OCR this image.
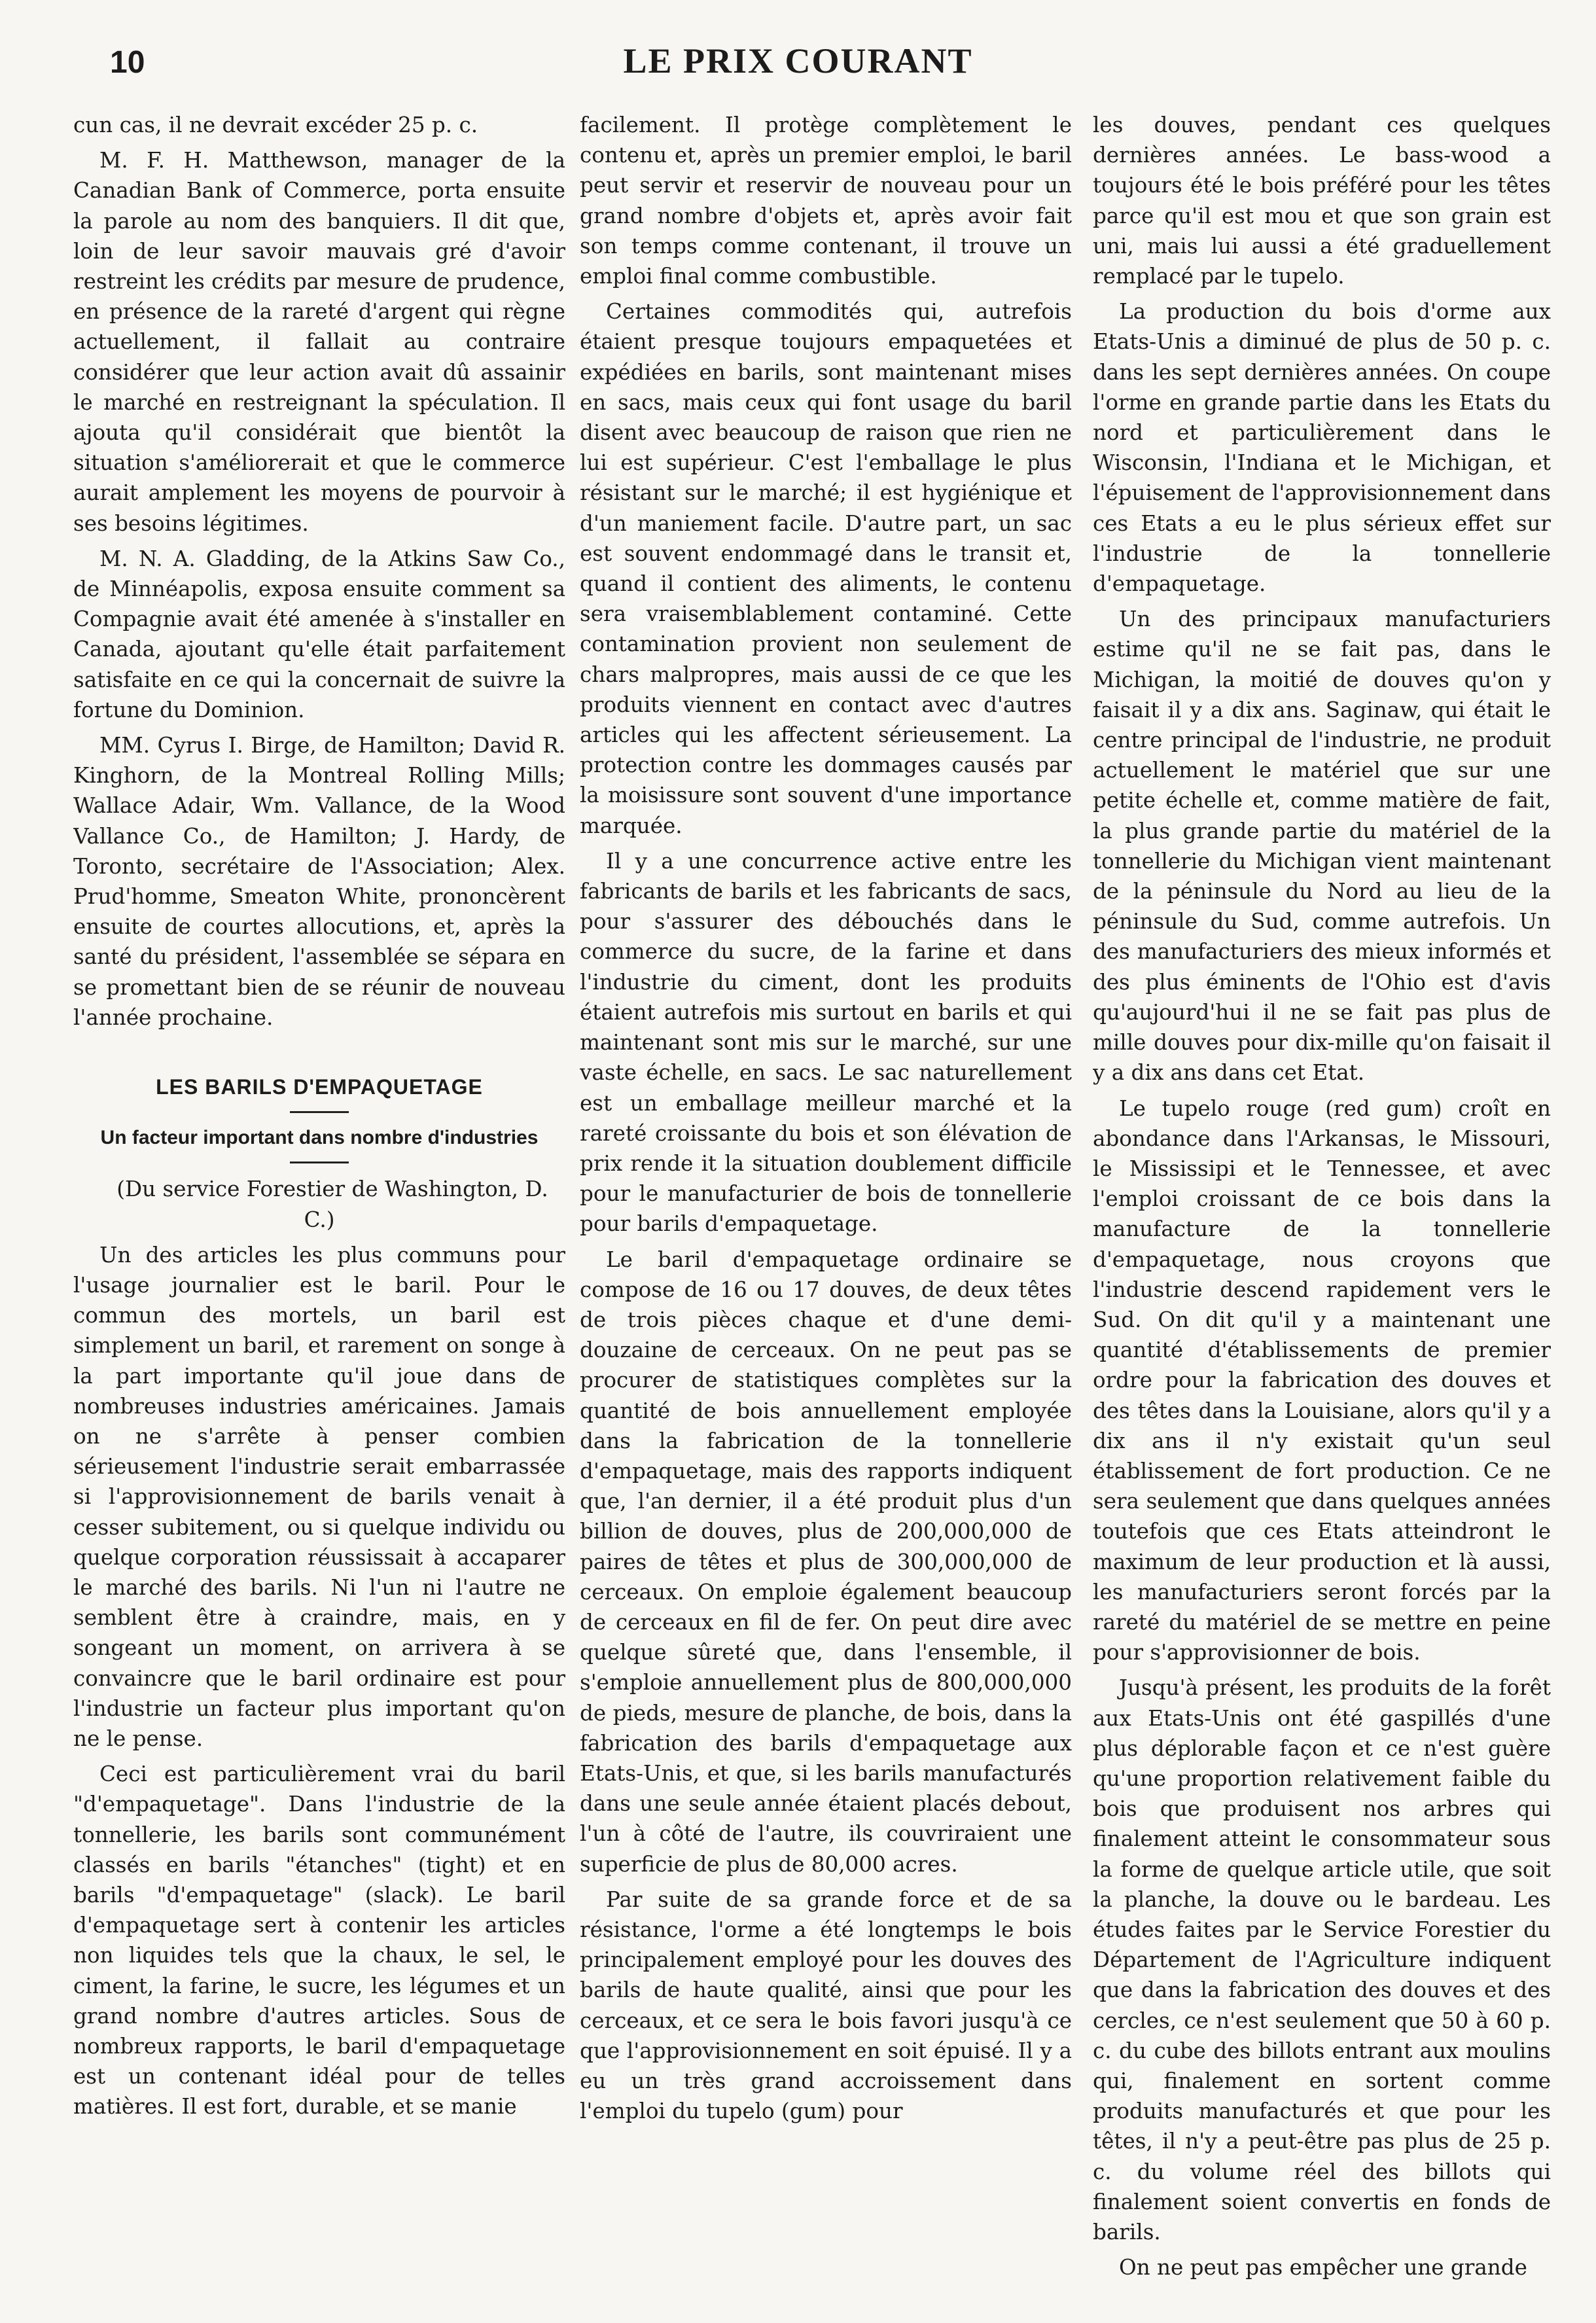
10	LE PRIX COURANT

cun cas, il ne devrait excéder 25 p. c.

M. F. H. Matthewson, manager de la Canadian Bank of Commerce, porta ensuite la parole au nom des banquiers. Il dit que, loin de leur savoir mauvais gré d'avoir restreint les crédits par mesure de prudence, en présence de la rareté d'argent qui règne actuellement, il fallait au contraire considérer que leur action avait dû assainir le marché en restreignant la spéculation. Il ajouta qu'il considérait que bientôt la situation s'améliorerait et que le commerce aurait amplement les moyens de pourvoir à ses besoins légitimes.

M. N. A. Gladding, de la Atkins Saw Co., de Minnéapolis, exposa ensuite comment sa Compagnie avait été amenée à s'installer en Canada, ajoutant qu'elle était parfaitement satisfaite en ce qui la concernait de suivre la fortune du Dominion.

MM. Cyrus I. Birge, de Hamilton; David R. Kinghorn, de la Montreal Rolling Mills; Wallace Adair, Wm. Vallance, de la Wood Vallance Co., de Hamilton; J. Hardy, de Toronto, secrétaire de l'Association; Alex. Prud'homme, Smeaton White, prononcèrent ensuite de courtes allocutions, et, après la santé du président, l'assemblée se sépara en se promettant bien de se réunir de nouveau l'année prochaine.

LES BARILS D'EMPAQUETAGE
Un facteur important dans nombre d'industries

(Du service Forestier de Washington, D. C.)

Un des articles les plus communs pour l'usage journalier est le baril. Pour le commun des mortels, un baril est simplement un baril, et rarement on songe à la part importante qu'il joue dans de nombreuses industries américaines. Jamais on ne s'arrête à penser combien sérieusement l'industrie serait embarrassée si l'approvisionnement de barils venait à cesser subitement, ou si quelque individu ou quelque corporation réussissait à accaparer le marché des barils. Ni l'un ni l'autre ne semblent être à craindre, mais, en y songeant un moment, on arrivera à se convaincre que le baril ordinaire est pour l'industrie un facteur plus important qu'on ne le pense.

Ceci est particulièrement vrai du baril "d'empaquetage". Dans l'industrie de la tonnellerie, les barils sont communément classés en barils "étanches" (tight) et en barils "d'empaquetage" (slack). Le baril d'empaquetage sert à contenir les articles non liquides tels que la chaux, le sel, le ciment, la farine, le sucre, les légumes et un grand nombre d'autres articles. Sous de nombreux rapports, le baril d'empaquetage est un contenant idéal pour de telles matières. Il est fort, durable, et se manie

facilement. Il protège complètement le contenu et, après un premier emploi, le baril peut servir et reservir de nouveau pour un grand nombre d'objets et, après avoir fait son temps comme contenant, il trouve un emploi final comme combustible.

Certaines commodités qui, autrefois étaient presque toujours empaquetées et expédiées en barils, sont maintenant mises en sacs, mais ceux qui font usage du baril disent avec beaucoup de raison que rien ne lui est supérieur. C'est l'emballage le plus résistant sur le marché; il est hygiénique et d'un maniement facile. D'autre part, un sac est souvent endommagé dans le transit et, quand il contient des aliments, le contenu sera vraisemblablement contaminé. Cette contamination provient non seulement de chars malpropres, mais aussi de ce que les produits viennent en contact avec d'autres articles qui les affectent sérieusement. La protection contre les dommages causés par la moisissure sont souvent d'une importance marquée.

Il y a une concurrence active entre les fabricants de barils et les fabricants de sacs, pour s'assurer des débouchés dans le commerce du sucre, de la farine et dans l'industrie du ciment, dont les produits étaient autrefois mis surtout en barils et qui maintenant sont mis sur le marché, sur une vaste échelle, en sacs. Le sac naturellement est un emballage meilleur marché et la rareté croissante du bois et son élévation de prix rende it la situation doublement difficile pour le manufacturier de bois de tonnellerie pour barils d'empaquetage.

Le baril d'empaquetage ordinaire se compose de 16 ou 17 douves, de deux têtes de trois pièces chaque et d'une demi-douzaine de cerceaux. On ne peut pas se procurer de statistiques complètes sur la quantité de bois annuellement employée dans la fabrication de la tonnellerie d'empaquetage, mais des rapports indiquent que, l'an dernier, il a été produit plus d'un billion de douves, plus de 200,000,000 de paires de têtes et plus de 300,000,000 de cerceaux. On emploie également beaucoup de cerceaux en fil de fer. On peut dire avec quelque sûreté que, dans l'ensemble, il s'emploie annuellement plus de 800,000,000 de pieds, mesure de planche, de bois, dans la fabrication des barils d'empaquetage aux Etats-Unis, et que, si les barils manufacturés dans une seule année étaient placés debout, l'un à côté de l'autre, ils couvriraient une superficie de plus de 80,000 acres.

Par suite de sa grande force et de sa résistance, l'orme a été longtemps le bois principalement employé pour les douves des barils de haute qualité, ainsi que pour les cerceaux, et ce sera le bois favori jusqu'à ce que l'approvisionnement en soit épuisé. Il y a eu un très grand accroissement dans l'emploi du tupelo (gum) pour

les douves, pendant ces quelques dernières années. Le bass-wood a toujours été le bois préféré pour les têtes parce qu'il est mou et que son grain est uni, mais lui aussi a été graduellement remplacé par le tupelo.

La production du bois d'orme aux Etats-Unis a diminué de plus de 50 p. c. dans les sept dernières années. On coupe l'orme en grande partie dans les Etats du nord et particulièrement dans le Wisconsin, l'Indiana et le Michigan, et l'épuisement de l'approvisionnement dans ces Etats a eu le plus sérieux effet sur l'industrie de la tonnellerie d'empaquetage.

Un des principaux manufacturiers estime qu'il ne se fait pas, dans le Michigan, la moitié de douves qu'on y faisait il y a dix ans. Saginaw, qui était le centre principal de l'industrie, ne produit actuellement le matériel que sur une petite échelle et, comme matière de fait, la plus grande partie du matériel de la tonnellerie du Michigan vient maintenant de la péninsule du Nord au lieu de la péninsule du Sud, comme autrefois. Un des manufacturiers des mieux informés et des plus éminents de l'Ohio est d'avis qu'aujourd'hui il ne se fait pas plus de mille douves pour dix-mille qu'on faisait il y a dix ans dans cet Etat.

Le tupelo rouge (red gum) croît en abondance dans l'Arkansas, le Missouri, le Mississipi et le Tennessee, et avec l'emploi croissant de ce bois dans la manufacture de la tonnellerie d'empaquetage, nous croyons que l'industrie descend rapidement vers le Sud. On dit qu'il y a maintenant une quantité d'établissements de premier ordre pour la fabrication des douves et des têtes dans la Louisiane, alors qu'il y a dix ans il n'y existait qu'un seul établissement de fort production. Ce ne sera seulement que dans quelques années toutefois que ces Etats atteindront le maximum de leur production et là aussi, les manufacturiers seront forcés par la rareté du matériel de se mettre en peine pour s'approvisionner de bois.

Jusqu'à présent, les produits de la forêt aux Etats-Unis ont été gaspillés d'une plus déplorable façon et ce n'est guère qu'une proportion relativement faible du bois que produisent nos arbres qui finalement atteint le consommateur sous la forme de quelque article utile, que soit la planche, la douve ou le bardeau. Les études faites par le Service Forestier du Département de l'Agriculture indiquent que dans la fabrication des douves et des cercles, ce n'est seulement que 50 à 60 p. c. du cube des billots entrant aux moulins qui, finalement en sortent comme produits manufacturés et que pour les têtes, il n'y a peut-être pas plus de 25 p. c. du volume réel des billots qui finalement soient convertis en fonds de barils.

On ne peut pas empêcher une grande
